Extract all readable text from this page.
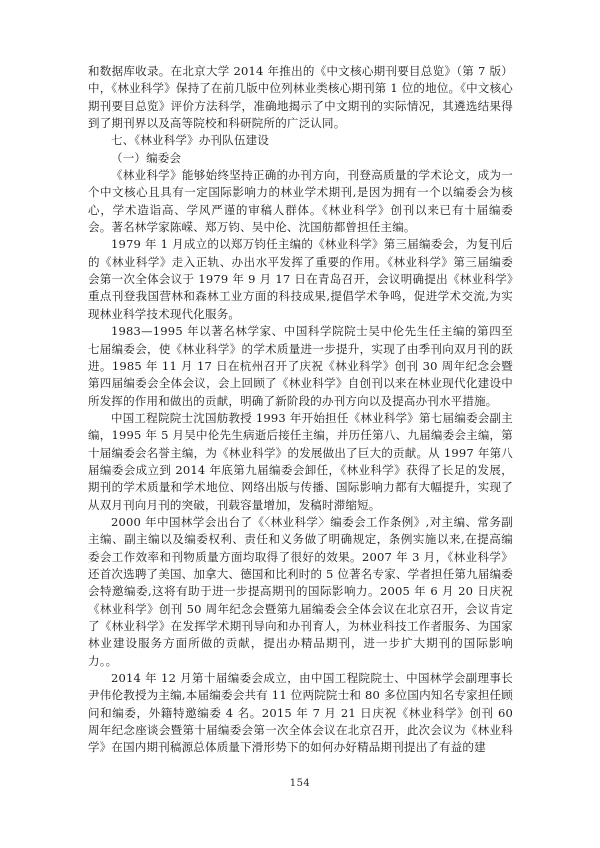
和数据库收录。在北京大学 2014 年推出的《中文核心期刊要目总览》（第 7 版）中，《林业科学》保持了在前几版中位列林业类核心期刊第 1 位的地位。《中文核心期刊要目总览》评价方法科学，准确地揭示了中文期刊的实际情况，其遴选结果得到了期刊界以及高等院校和科研院所的广泛认同。

七、《林业科学》办刊队伍建设

（一）编委会

《林业科学》能够始终坚持正确的办刊方向，刊登高质量的学术论文，成为一个中文核心且具有一定国际影响力的林业学术期刊,是因为拥有一个以编委会为核心，学术造诣高、学风严谨的审稿人群体。《林业科学》创刊以来已有十届编委会。著名林学家陈嵘、郑万钧、吴中伦、沈国舫都曾担任主编。

1979 年 1 月成立的以郑万钧任主编的《林业科学》第三届编委会，为复刊后的《林业科学》走入正轨、办出水平发挥了重要的作用。《林业科学》第三届编委会第一次全体会议于 1979 年 9 月 17 日在青岛召开，会议明确提出《林业科学》重点刊登我国营林和森林工业方面的科技成果,提倡学术争鸣，促进学术交流,为实现林业科学技术现代化服务。

1983—1995 年以著名林学家、中国科学院院士吴中伦先生任主编的第四至七届编委会，使《林业科学》的学术质量进一步提升，实现了由季刊向双月刊的跃进。1985 年 11 月 17 日在杭州召开了庆祝《林业科学》创刊 30 周年纪念会暨第四届编委会全体会议，会上回顾了《林业科学》自创刊以来在林业现代化建设中所发挥的作用和做出的贡献，明确了新阶段的办刊方向以及提高办刊水平措施。

中国工程院院士沈国舫教授 1993 年开始担任《林业科学》第七届编委会副主编，1995 年 5 月吴中伦先生病逝后接任主编，并历任第八、九届编委会主编，第十届编委会名誉主编，为《林业科学》的发展做出了巨大的贡献。从 1997 年第八届编委会成立到 2014 年底第九届编委会卸任，《林业科学》获得了长足的发展，期刊的学术质量和学术地位、网络出版与传播、国际影响力都有大幅提升，实现了从双月刊向月刊的突破，刊载容量增加，发稿时滞缩短。

2000 年中国林学会出台了《〈林业科学〉编委会工作条例》,对主编、常务副主编、副主编以及编委权利、责任和义务做了明确规定，条例实施以来,在提高编委会工作效率和刊物质量方面均取得了很好的效果。2007 年 3 月，《林业科学》还首次选聘了美国、加拿大、德国和比利时的 5 位著名专家、学者担任第九届编委会特邀编委,这将有助于进一步提高期刊的国际影响力。2005 年 6 月 20 日庆祝《林业科学》创刊 50 周年纪念会暨第九届编委会全体会议在北京召开，会议肯定了《林业科学》在发挥学术期刊导向和办刊育人，为林业科技工作者服务、为国家林业建设服务方面所做的贡献，提出办精品期刊，进一步扩大期刊的国际影响力。。

2014 年 12 月第十届编委会成立，由中国工程院院士、中国林学会副理事长尹伟伦教授为主编,本届编委会共有 11 位两院院士和 80 多位国内知名专家担任顾问和编委，外籍特邀编委 4 名。2015 年 7 月 21 日庆祝《林业科学》创刊 60 周年纪念座谈会暨第十届编委会第一次全体会议在北京召开，此次会议为《林业科学》在国内期刊稿源总体质量下滑形势下的如何办好精品期刊提出了有益的建

154
